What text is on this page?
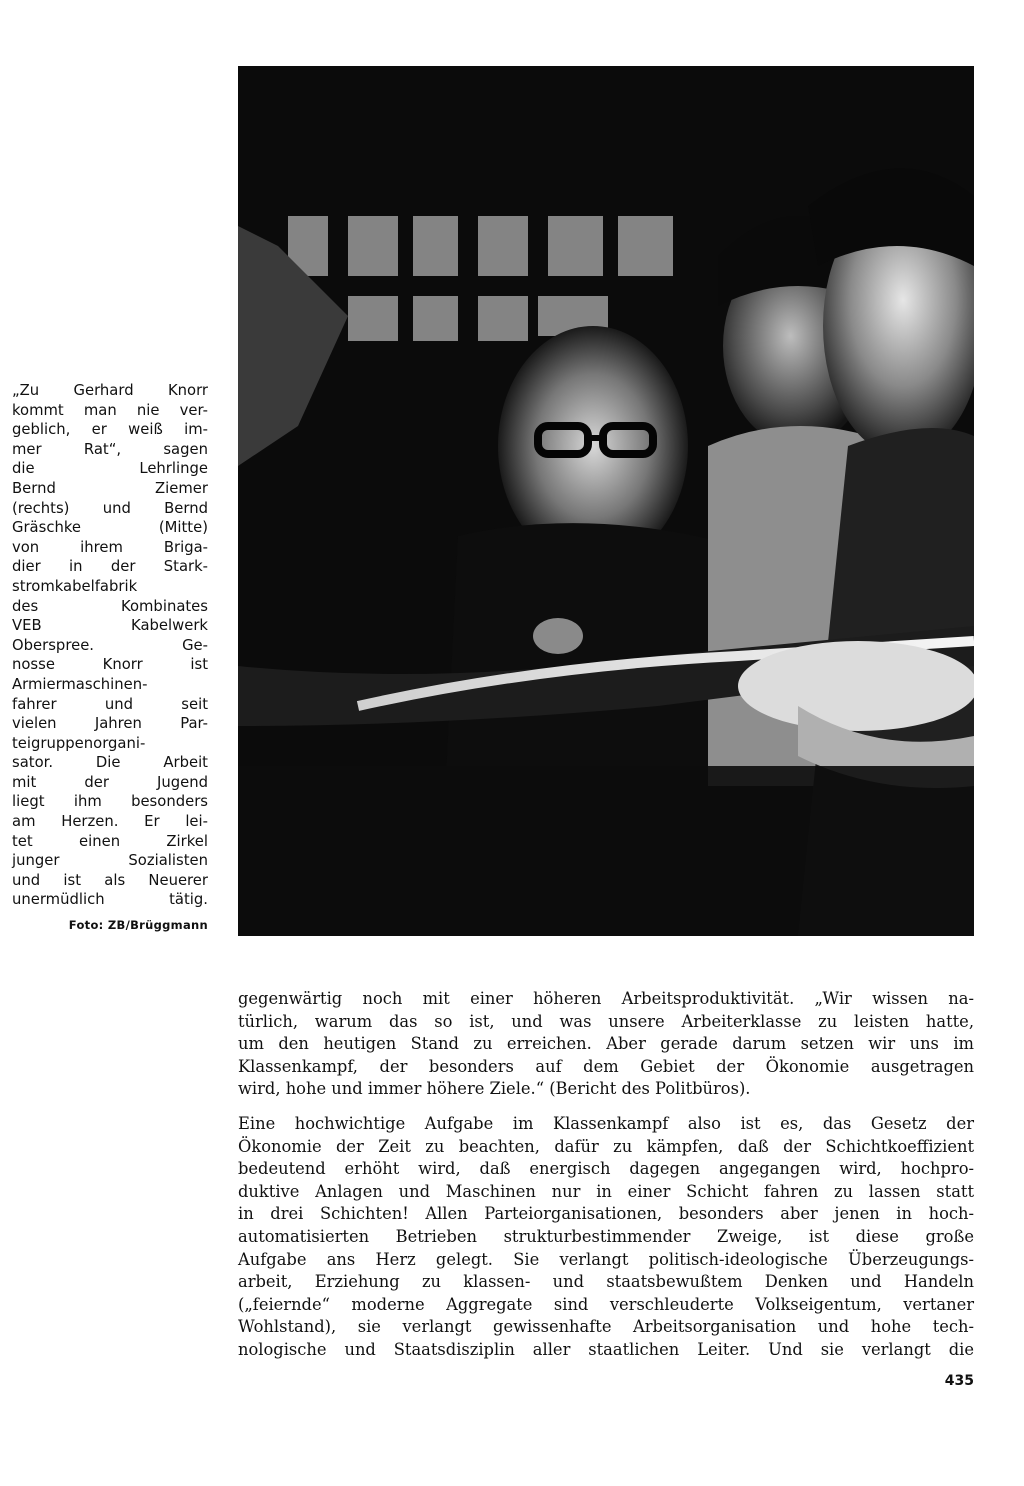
„Zu Gerhard Knorr
kommt man nie ver-
geblich, er weiß im-
mer Rat“, sagen
die Lehrlinge
Bernd Ziemer
(rechts) und Bernd
Gräschke (Mitte)
von ihrem Briga-
dier in der Stark-
stromkabelfabrik
des Kombinates
VEB Kabelwerk
Oberspree. Ge-
nosse Knorr ist
Armiermaschinen-
fahrer und seit
vielen Jahren Par-
teigruppenorgani-
sator. Die Arbeit
mit der Jugend
liegt ihm besonders
am Herzen. Er lei-
tet einen Zirkel
junger Sozialisten
und ist als Neuerer
unermüdlich tätig.
Foto: ZB/Brüggmann
gegenwärtig noch mit einer höheren Arbeitsproduktivität. „Wir wissen na-
türlich, warum das so ist, und was unsere Arbeiterklasse zu leisten hatte,
um den heutigen Stand zu erreichen. Aber gerade darum setzen wir uns im
Klassenkampf, der besonders auf dem Gebiet der Ökonomie ausgetragen
wird, hohe und immer höhere Ziele.“ (Bericht des Politbüros).
Eine hochwichtige Aufgabe im Klassenkampf also ist es, das Gesetz der
Ökonomie der Zeit zu beachten, dafür zu kämpfen, daß der Schichtkoeffizient
bedeutend erhöht wird, daß energisch dagegen angegangen wird, hochpro-
duktive Anlagen und Maschinen nur in einer Schicht fahren zu lassen statt
in drei Schichten! Allen Parteiorganisationen, besonders aber jenen in hoch-
automatisierten Betrieben strukturbestimmender Zweige, ist diese große
Aufgabe ans Herz gelegt. Sie verlangt politisch-ideologische Überzeugungs-
arbeit, Erziehung zu klassen- und staatsbewußtem Denken und Handeln
(„feiernde“ moderne Aggregate sind verschleuderte Volkseigentum, vertaner
Wohlstand), sie verlangt gewissenhafte Arbeitsorganisation und hohe tech-
nologische und Staatsdisziplin aller staatlichen Leiter. Und sie verlangt die
435
